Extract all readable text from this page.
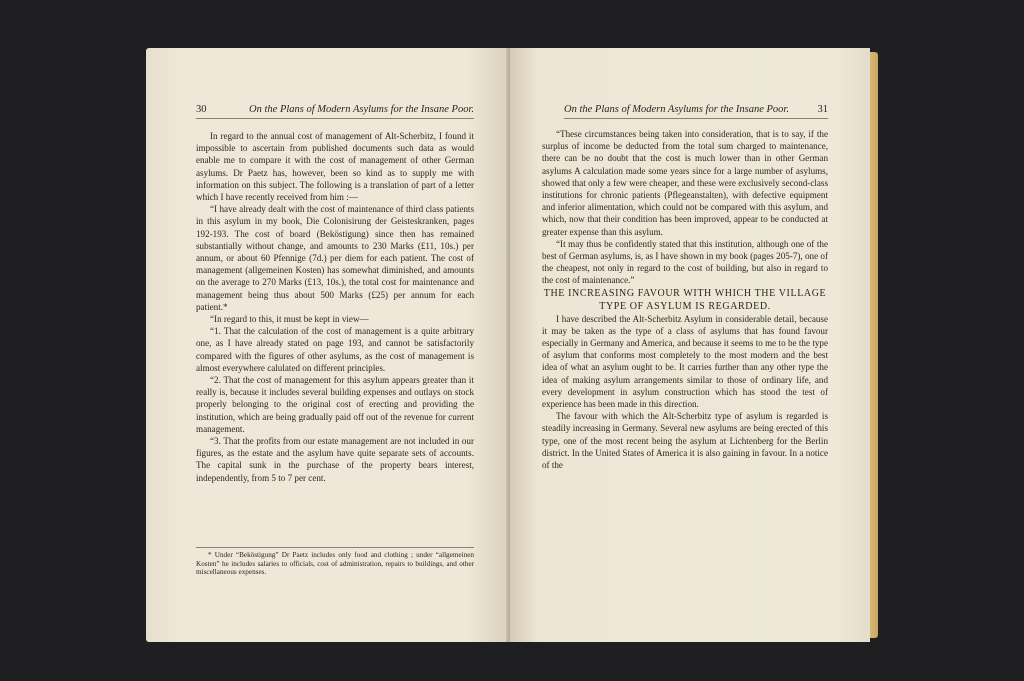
30	On the Plans of Modern Asylums for the Insane Poor.

In regard to the annual cost of management of Alt-Scherbitz, I found it impossible to ascertain from published documents such data as would enable me to compare it with the cost of management of other German asylums. Dr Paetz has, however, been so kind as to supply me with information on this subject. The following is a translation of part of a letter which I have recently received from him :—

“I have already dealt with the cost of maintenance of third class patients in this asylum in my book, Die Colonisirung der Geisteskranken, pages 192-193. The cost of board (Beköstigung) since then has remained substantially without change, and amounts to 230 Marks (£11, 10s.) per annum, or about 60 Pfennige (7d.) per diem for each patient. The cost of management (allgemeinen Kosten) has somewhat diminished, and amounts on the average to 270 Marks (£13, 10s.), the total cost for maintenance and management being thus about 500 Marks (£25) per annum for each patient.*

“In regard to this, it must be kept in view—

“1. That the calculation of the cost of management is a quite arbitrary one, as I have already stated on page 193, and cannot be satisfactorily compared with the figures of other asylums, as the cost of management is almost everywhere calulated on different principles.

“2. That the cost of management for this asylum appears greater than it really is, because it includes several building expenses and outlays on stock properly belonging to the original cost of erecting and providing the institution, which are being gradually paid off out of the revenue for current management.

“3. That the profits from our estate management are not included in our figures, as the estate and the asylum have quite separate sets of accounts. The capital sunk in the purchase of the property bears interest, independently, from 5 to 7 per cent.

* Under “Beköstigung” Dr Paetz includes only food and clothing ; under “allgemeinen Kosten” he includes salaries to officials, cost of administration, repairs to buildings, and other miscellaneous expenses.

On the Plans of Modern Asylums for the Insane Poor.	31

“These circumstances being taken into consideration, that is to say, if the surplus of income be deducted from the total sum charged to maintenance, there can be no doubt that the cost is much lower than in other German asylums A calculation made some years since for a large number of asylums, showed that only a few were cheaper, and these were exclusively second-class institutions for chronic patients (Pflegeanstalten), with defective equipment and inferior alimentation, which could not be compared with this asylum, and which, now that their condition has been improved, appear to be conducted at greater expense than this asylum.

“It may thus be confidently stated that this institution, although one of the best of German asylums, is, as I have shown in my book (pages 205-7), one of the cheapest, not only in regard to the cost of building, but also in regard to the cost of maintenance.”

THE INCREASING FAVOUR WITH WHICH THE VILLAGE TYPE OF ASYLUM IS REGARDED.

I have described the Alt-Scherbitz Asylum in considerable detail, because it may be taken as the type of a class of asylums that has found favour especially in Germany and America, and because it seems to me to be the type of asylum that conforms most completely to the most modern and the best idea of what an asylum ought to be. It carries further than any other type the idea of making asylum arrangements similar to those of ordinary life, and every development in asylum construction which has stood the test of experience has been made in this direction.

The favour with which the Alt-Scherbitz type of asylum is regarded is steadily increasing in Germany. Several new asylums are being erected of this type, one of the most recent being the asylum at Lichtenberg for the Berlin district. In the United States of America it is also gaining in favour. In a notice of the
